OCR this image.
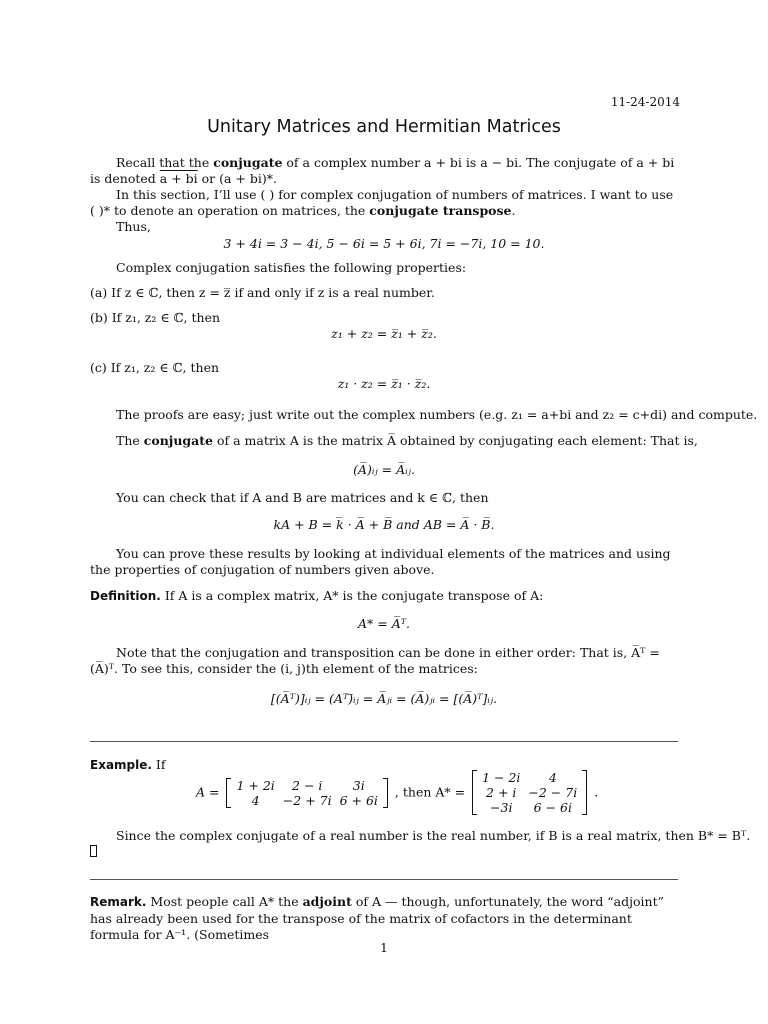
11-24-2014
Unitary Matrices and Hermitian Matrices
Recall that the conjugate of a complex number a + bi is a − bi. The conjugate of a + bi is denoted a + bi or (a + bi)*.
In this section, I’ll use ( ) for complex conjugation of numbers of matrices. I want to use ( )* to denote an operation on matrices, the conjugate transpose.
Thus,
3 + 4i = 3 − 4i, 5 − 6i = 5 + 6i, 7i = −7i, 10 = 10.
Complex conjugation satisfies the following properties:
(a) If z ∈ ℂ, then z = z̅ if and only if z is a real number.
(b) If z₁, z₂ ∈ ℂ, then
z₁ + z₂ = z̅₁ + z̅₂.
(c) If z₁, z₂ ∈ ℂ, then
z₁ · z₂ = z̅₁ · z̅₂.
The proofs are easy; just write out the complex numbers (e.g. z₁ = a+bi and z₂ = c+di) and compute.
The conjugate of a matrix A is the matrix A̅ obtained by conjugating each element: That is,
(A̅)ᵢⱼ = A̅ᵢⱼ.
You can check that if A and B are matrices and k ∈ ℂ, then
kA + B = k̅ · A̅ + B̅ and AB = A̅ · B̅.
You can prove these results by looking at individual elements of the matrices and using the properties of conjugation of numbers given above.
Definition. If A is a complex matrix, A* is the conjugate transpose of A:
A* = A̅ᵀ.
Note that the conjugation and transposition can be done in either order: That is, A̅ᵀ = (A̅)ᵀ. To see this, consider the (i, j)th element of the matrices:
[(A̅ᵀ)]ᵢⱼ = (Aᵀ)̅ᵢⱼ = A̅ⱼᵢ = (A̅)ⱼᵢ = [(A̅)ᵀ]ᵢⱼ.
Example. If
A = 1 + 2i	2 − i	3i
4	−2 + 7i	6 + 6i
, then A* =
1 − 2i	4
2 + i	−2 − 7i
−3i	6 − 6i
.
Since the complex conjugate of a real number is the real number, if B is a real matrix, then B* = Bᵀ.
Remark. Most people call A* the adjoint of A — though, unfortunately, the word “adjoint” has already been used for the transpose of the matrix of cofactors in the determinant formula for A⁻¹. (Sometimes
1
